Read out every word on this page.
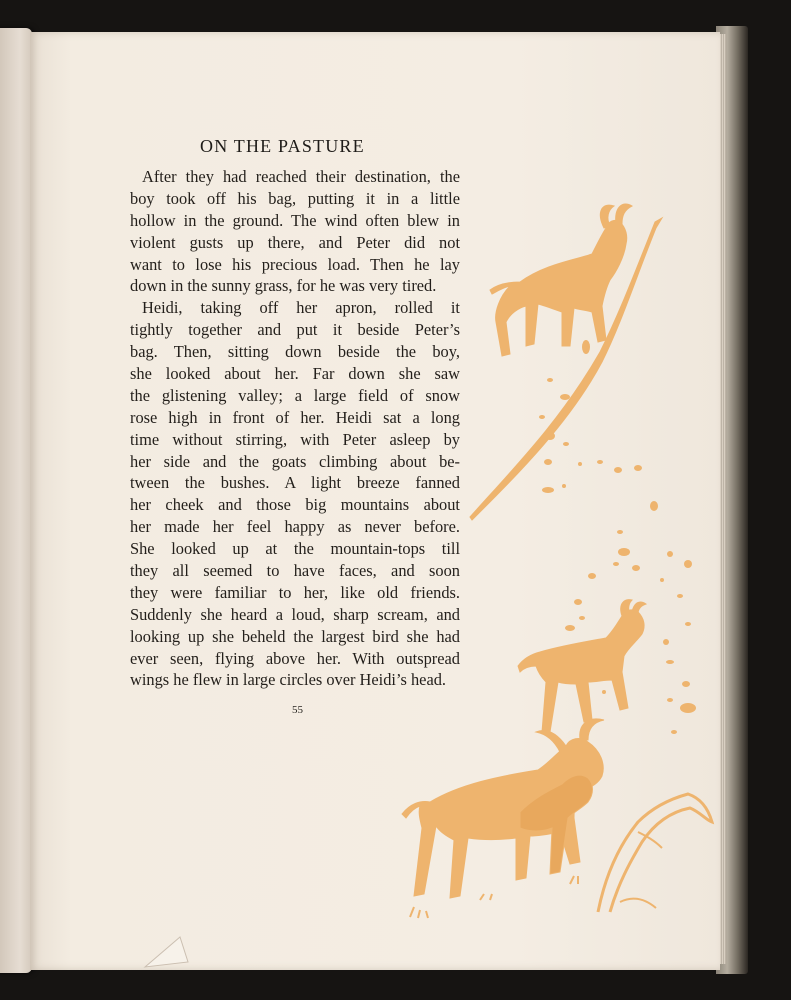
ON THE PASTURE
After they had reached their destination, the
boy took off his bag, putting it in a little
hollow in the ground. The wind often blew in
violent gusts up there, and Peter did not
want to lose his precious load. Then he lay
down in the sunny grass, for he was very tired.
Heidi, taking off her apron, rolled it
tightly together and put it beside Peter’s
bag. Then, sitting down beside the boy,
she looked about her. Far down she saw
the glistening valley; a large field of snow
rose high in front of her. Heidi sat a long
time without stirring, with Peter asleep by
her side and the goats climbing about be-
tween the bushes. A light breeze fanned
her cheek and those big mountains about
her made her feel happy as never before.
She looked up at the mountain-tops till
they all seemed to have faces, and soon
they were familiar to her, like old friends.
Suddenly she heard a loud, sharp scream, and
looking up she beheld the largest bird she had
ever seen, flying above her. With outspread
wings he flew in large circles over Heidi’s head.
55
